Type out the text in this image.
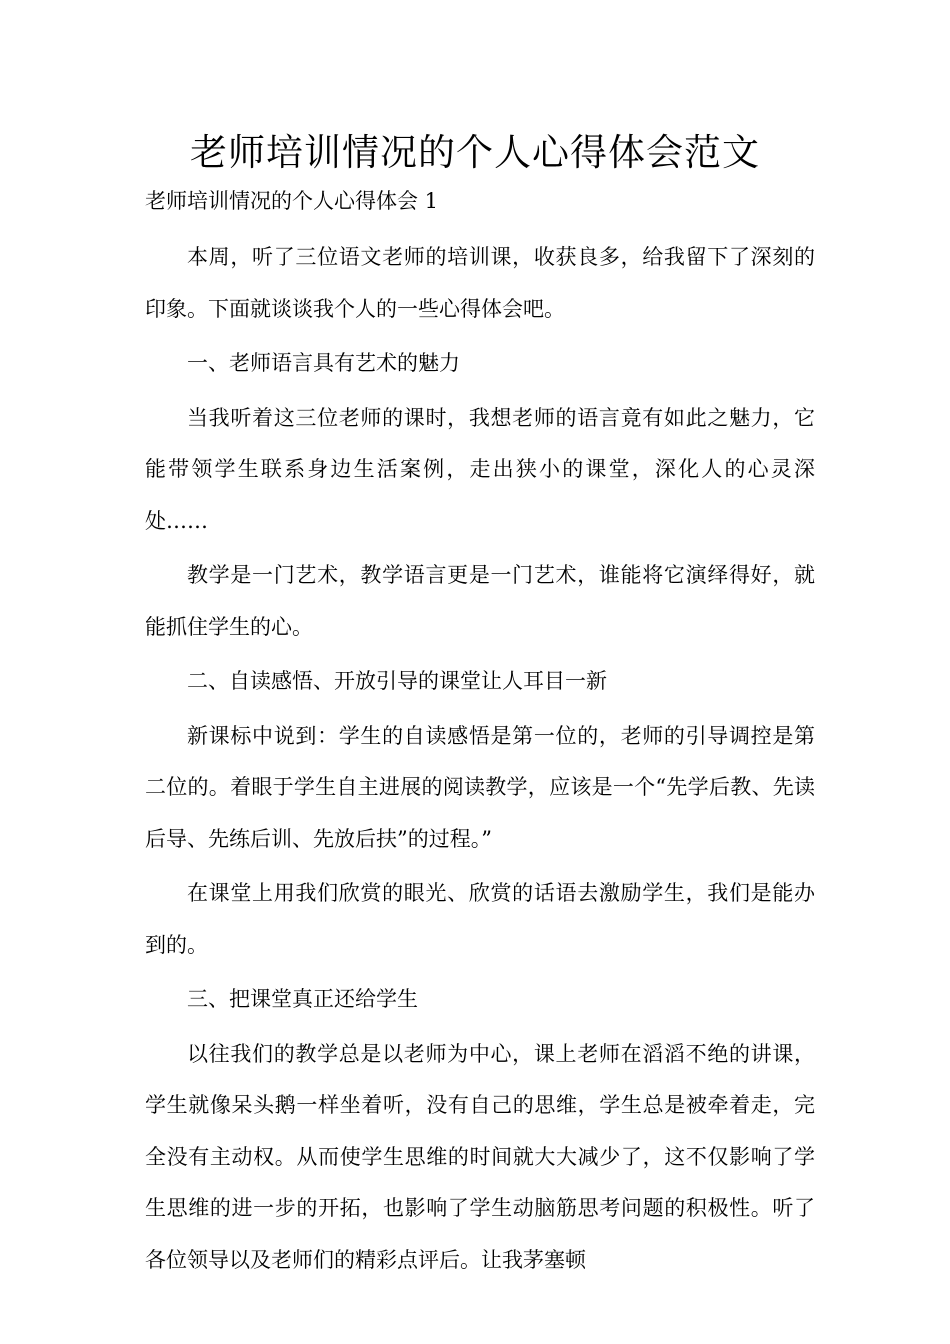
老师培训情况的个人心得体会范文
老师培训情况的个人心得体会 1

本周，听了三位语文老师的培训课，收获良多，给我留下了深刻的印象。下面就谈谈我个人的一些心得体会吧。

一、老师语言具有艺术的魅力

当我听着这三位老师的课时，我想老师的语言竟有如此之魅力，它能带领学生联系身边生活案例，走出狭小的课堂，深化人的心灵深处……

教学是一门艺术，教学语言更是一门艺术，谁能将它演绎得好，就能抓住学生的心。

二、自读感悟、开放引导的课堂让人耳目一新

新课标中说到：学生的自读感悟是第一位的，老师的引导调控是第二位的。着眼于学生自主进展的阅读教学，应该是一个“先学后教、先读后导、先练后训、先放后扶”的过程。”

在课堂上用我们欣赏的眼光、欣赏的话语去激励学生，我们是能办到的。

三、把课堂真正还给学生

以往我们的教学总是以老师为中心，课上老师在滔滔不绝的讲课，学生就像呆头鹅一样坐着听，没有自己的思维，学生总是被牵着走，完全没有主动权。从而使学生思维的时间就大大减少了，这不仅影响了学生思维的进一步的开拓，也影响了学生动脑筋思考问题的积极性。听了各位领导以及老师们的精彩点评后。让我茅塞顿
